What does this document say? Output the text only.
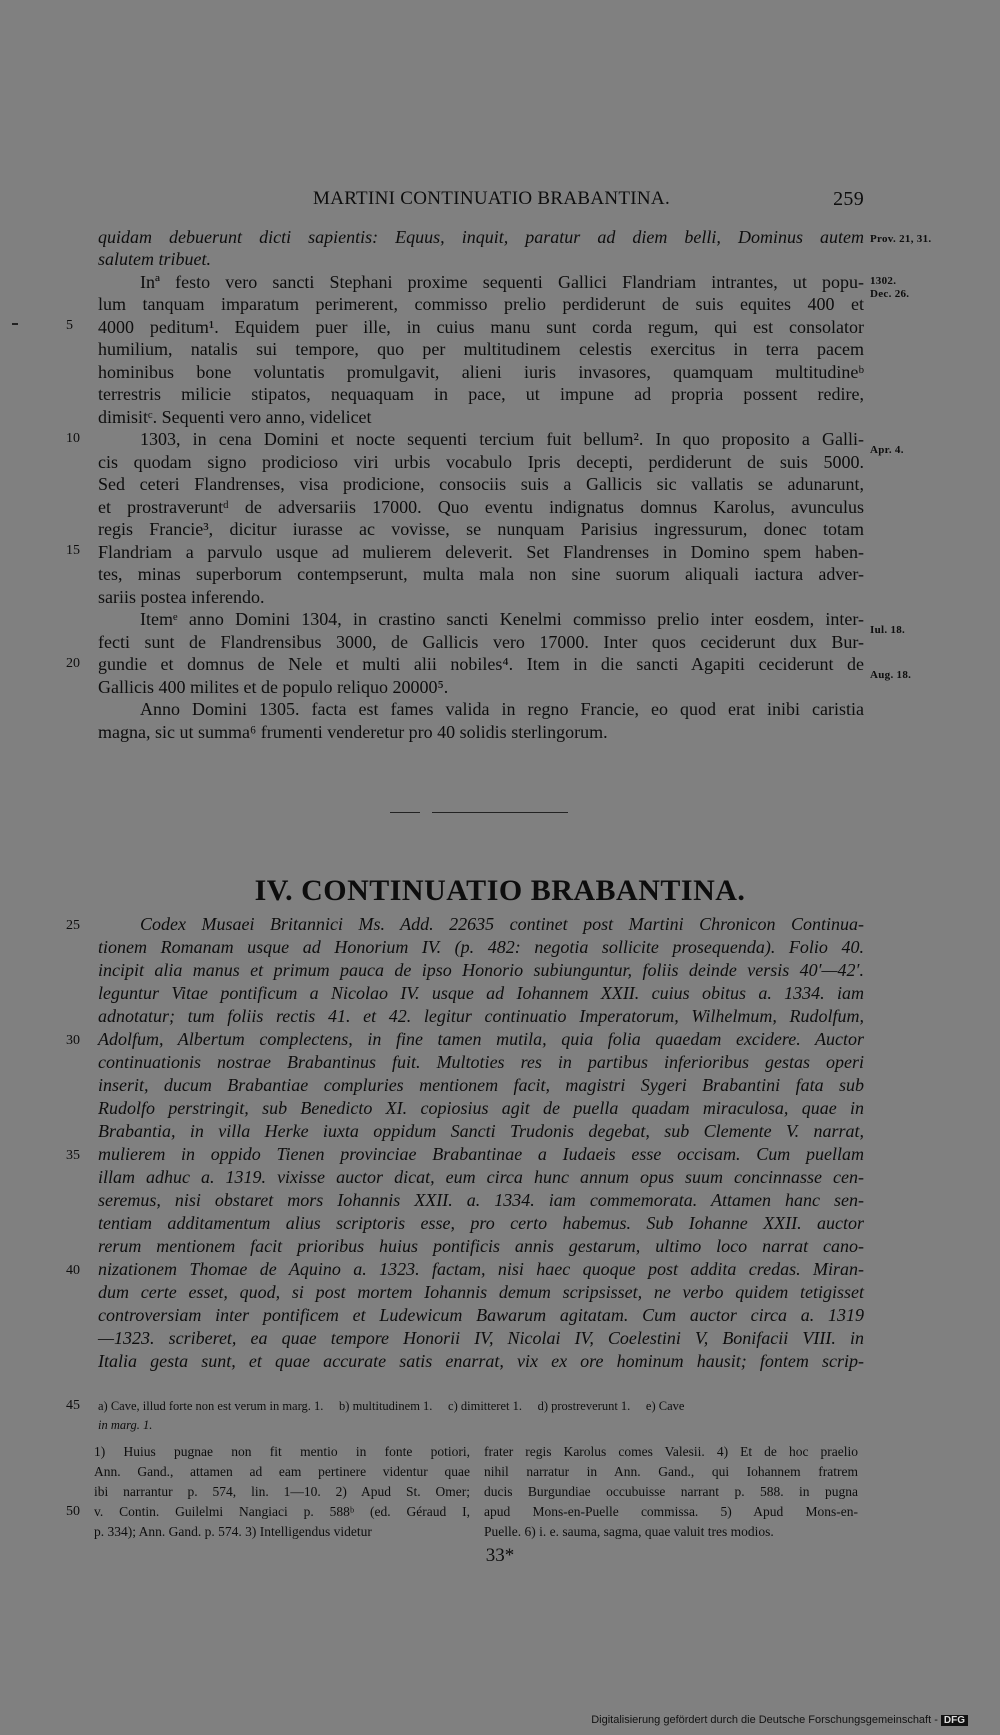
MARTINI CONTINUATIO BRABANTINA.	259
quidam debuerunt dicti sapientis: Equus, inquit, paratur ad diem belli, Dominus autem
salutem tribuet.
Inª festo vero sancti Stephani proxime sequenti Gallici Flandriam intrantes, ut popu-
lum tanquam imparatum perimerent, commisso prelio perdiderunt de suis equites 400 et
4000 peditum¹. Equidem puer ille, in cuius manu sunt corda regum, qui est consolator
humilium, natalis sui tempore, quo per multitudinem celestis exercitus in terra pacem
hominibus bone voluntatis promulgavit, alieni iuris invasores, quamquam multitudineᵇ
terrestris milicie stipatos, nequaquam in pace, ut impune ad propria possent redire,
dimisitᶜ. Sequenti vero anno, videlicet
1303, in cena Domini et nocte sequenti tercium fuit bellum². In quo proposito a Galli-
cis quodam signo prodicioso viri urbis vocabulo Ipris decepti, perdiderunt de suis 5000.
Sed ceteri Flandrenses, visa prodicione, consociis suis a Gallicis sic vallatis se adunarunt,
et prostraveruntᵈ de adversariis 17000. Quo eventu indignatus domnus Karolus, avunculus
regis Francie³, dicitur iurasse ac vovisse, se nunquam Parisius ingressurum, donec totam
Flandriam a parvulo usque ad mulierem deleverit. Set Flandrenses in Domino spem haben-
tes, minas superborum contempserunt, multa mala non sine suorum aliquali iactura adver-
sariis postea inferendo.
Itemᵉ anno Domini 1304, in crastino sancti Kenelmi commisso prelio inter eosdem, inter-
fecti sunt de Flandrensibus 3000, de Gallicis vero 17000. Inter quos ceciderunt dux Bur-
gundie et domnus de Nele et multi alii nobiles⁴. Item in die sancti Agapiti ceciderunt de
Gallicis 400 milites et de populo reliquo 20000⁵.
Anno Domini 1305. facta est fames valida in regno Francie, eo quod erat inibi caristia
magna, sic ut summa⁶ frumenti venderetur pro 40 solidis sterlingorum.
5
10
15
20
Prov. 21, 31.
1302.
Dec. 26.
Apr. 4.
Iul. 18.
Aug. 18.
IV. CONTINUATIO BRABANTINA.
Codex Musaei Britannici Ms. Add. 22635 continet post Martini Chronicon Continua-
tionem Romanam usque ad Honorium IV. (p. 482: negotia sollicite prosequenda). Folio 40.
incipit alia manus et primum pauca de ipso Honorio subiunguntur, foliis deinde versis 40′—42′.
leguntur Vitae pontificum a Nicolao IV. usque ad Iohannem XXII. cuius obitus a. 1334. iam
adnotatur; tum foliis rectis 41. et 42. legitur continuatio Imperatorum, Wilhelmum, Rudolfum,
Adolfum, Albertum complectens, in fine tamen mutila, quia folia quaedam excidere. Auctor
continuationis nostrae Brabantinus fuit. Multoties res in partibus inferioribus gestas operi
inserit, ducum Brabantiae compluries mentionem facit, magistri Sygeri Brabantini fata sub
Rudolfo perstringit, sub Benedicto XI. copiosius agit de puella quadam miraculosa, quae in
Brabantia, in villa Herke iuxta oppidum Sancti Trudonis degebat, sub Clemente V. narrat,
mulierem in oppido Tienen provinciae Brabantinae a Iudaeis esse occisam. Cum puellam
illam adhuc a. 1319. vixisse auctor dicat, eum circa hunc annum opus suum concinnasse cen-
seremus, nisi obstaret mors Iohannis XXII. a. 1334. iam commemorata. Attamen hanc sen-
tentiam additamentum alius scriptoris esse, pro certo habemus. Sub Iohanne XXII. auctor
rerum mentionem facit prioribus huius pontificis annis gestarum, ultimo loco narrat cano-
nizationem Thomae de Aquino a. 1323. factam, nisi haec quoque post addita credas. Miran-
dum certe esset, quod, si post mortem Iohannis demum scripsisset, ne verbo quidem tetigisset
controversiam inter pontificem et Ludewicum Bawarum agitatam. Cum auctor circa a. 1319
—1323. scriberet, ea quae tempore Honorii IV, Nicolai IV, Coelestini V, Bonifacii VIII. in
Italia gesta sunt, et quae accurate satis enarrat, vix ex ore hominum hausit; fontem scrip-
25
30
35
40
45	a) Cave, illud forte non est verum in marg. 1.     b) multitudinem 1.     c) dimitteret 1.     d) prostreverunt 1.     e) Cave
in marg. 1.
1) Huius pugnae non fit mentio in fonte potiori,
Ann. Gand., attamen ad eam pertinere videntur quae
ibi narrantur p. 574, lin. 1—10. 2) Apud St. Omer;
v. Contin. Guilelmi Nangiaci p. 588ᵇ (ed. Géraud I,
p. 334); Ann. Gand. p. 574. 3) Intelligendus videtur
frater regis Karolus comes Valesii. 4) Et de hoc praelio
nihil narratur in Ann. Gand., qui Iohannem fratrem
ducis Burgundiae occubuisse narrant p. 588. in pugna
apud Mons-en-Puelle commissa. 5) Apud Mons-en-
Puelle. 6) i. e. sauma, sagma, quae valuit tres modios.
50
33*
Digitalisierung gefördert durch die Deutsche Forschungsgemeinschaft - DFG
